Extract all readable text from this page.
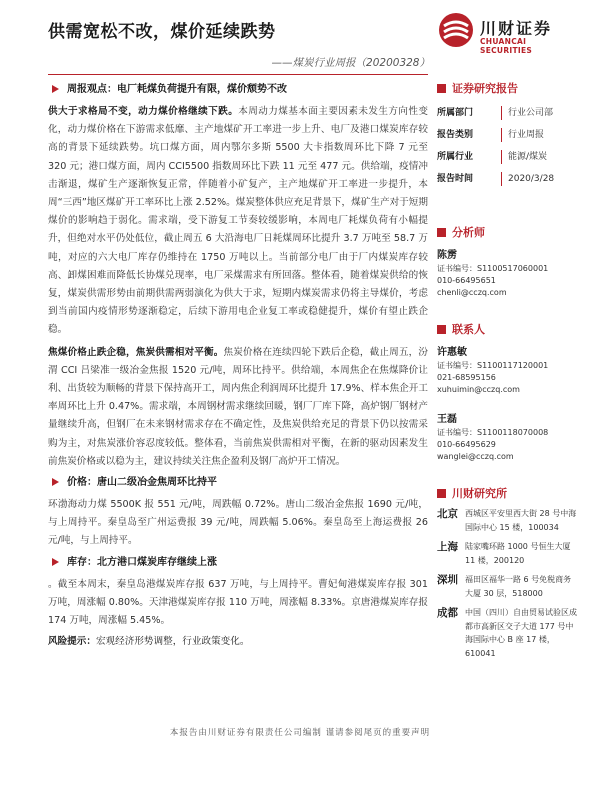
供需宽松不改，煤价延续跌势
——煤炭行业周报（20200328）
川财证券
CHUANCAI SECURITIES
周报观点：电厂耗煤负荷提升有限，煤价颓势不改

供大于求格局不变，动力煤价格继续下跌。本周动力煤基本面主要因素未发生方向性变化，动力煤价格在下游需求低靡、主产地煤矿开工率进一步上升、电厂及港口煤炭库存较高的背景下延续跌势。坑口煤方面，周内鄂尔多斯 5500 大卡指数周环比下降 7 元至 320 元；港口煤方面，周内 CCI5500 指数周环比下跌 11 元至 477 元。供给端，疫情冲击渐退，煤矿生产逐渐恢复正常，伴随着小矿复产，主产地煤矿开工率进一步提升，本周“三西”地区煤矿开工率环比上涨 2.52%。煤炭整体供应充足背景下，煤矿生产对于短期煤价的影响趋于弱化。需求端，受下游复工节奏较缓影响，本周电厂耗煤负荷有小幅提升，但绝对水平仍处低位，截止周五 6 大沿海电厂日耗煤周环比提升 3.7 万吨至 58.7 万吨，对应的六大电厂库存仍维持在 1750 万吨以上。当前部分电厂由于厂内煤炭库存较高、卸煤困难而降低长协煤兑现率，电厂采煤需求有所回落。整体看，随着煤炭供给的恢复，煤炭供需形势由前期供需两弱演化为供大于求，短期内煤炭需求仍将主导煤价，考虑到当前国内疫情形势逐渐稳定，后续下游用电企业复工率或稳健提升，煤价有望止跌企稳。

焦煤价格止跌企稳，焦炭供需相对平衡。焦炭价格在连续四轮下跌后企稳，截止周五，汾渭 CCI 吕梁准一级冶金焦报 1520 元/吨，周环比持平。供给端，本周焦企在焦煤降价让利、出货较为顺畅的背景下保持高开工，周内焦企利润周环比提升 17.9%、样本焦企开工率周环比上升 0.47%。需求端，本周钢材需求继续回暖，钢厂厂库下降，高炉钢厂钢材产量继续升高，但钢厂在未来钢材需求存在不确定性，及焦炭供给充足的背景下仍以按需采购为主，对焦炭涨价容忍度较低。整体看，当前焦炭供需相对平衡，在新的驱动因素发生前焦炭价格或以稳为主，建议持续关注焦企盈利及钢厂高炉开工情况。

价格：唐山二级冶金焦周环比持平

环渤海动力煤 5500K 报 551 元/吨，周跌幅 0.72%。唐山二级冶金焦报 1690 元/吨，与上周持平。秦皇岛至广州运费报 39 元/吨，周跌幅 5.06%。秦皇岛至上海运费报 26 元/吨，与上周持平。

库存：北方港口煤炭库存继续上涨

。截至本周末，秦皇岛港煤炭库存报 637 万吨，与上周持平。曹妃甸港煤炭库存报 301 万吨，周涨幅 0.80%。天津港煤炭库存报 110 万吨，周涨幅 8.33%。京唐港煤炭库存报 174 万吨，周涨幅 5.45%。

风险提示：宏观经济形势调整，行业政策变化。
证券研究报告
所属部门	行业公司部
报告类别	行业周报
所属行业	能源/煤炭
报告时间	2020/3/28
分析师
陈雳
证书编号：S1100517060001
010-66495651
chenli@cczq.com
联系人
许惠敏
证书编号：S1100117120001
021-68595156
xuhuimin@cczq.com
王磊
证书编号：S1100118070008
010-66495629
wanglei@cczq.com
川财研究所
北京 西城区平安里西大街 28 号中海国际中心 15 楼，100034
上海 陆家嘴环路 1000 号恒生大厦 11 楼，200120
深圳 福田区福华一路 6 号免税商务大厦 30 层，518000
成都 中国（四川）自由贸易试验区成都市高新区交子大道 177 号中海国际中心 B 座 17 楼，610041
本报告由川财证券有限责任公司编制 谨请参阅尾页的重要声明
